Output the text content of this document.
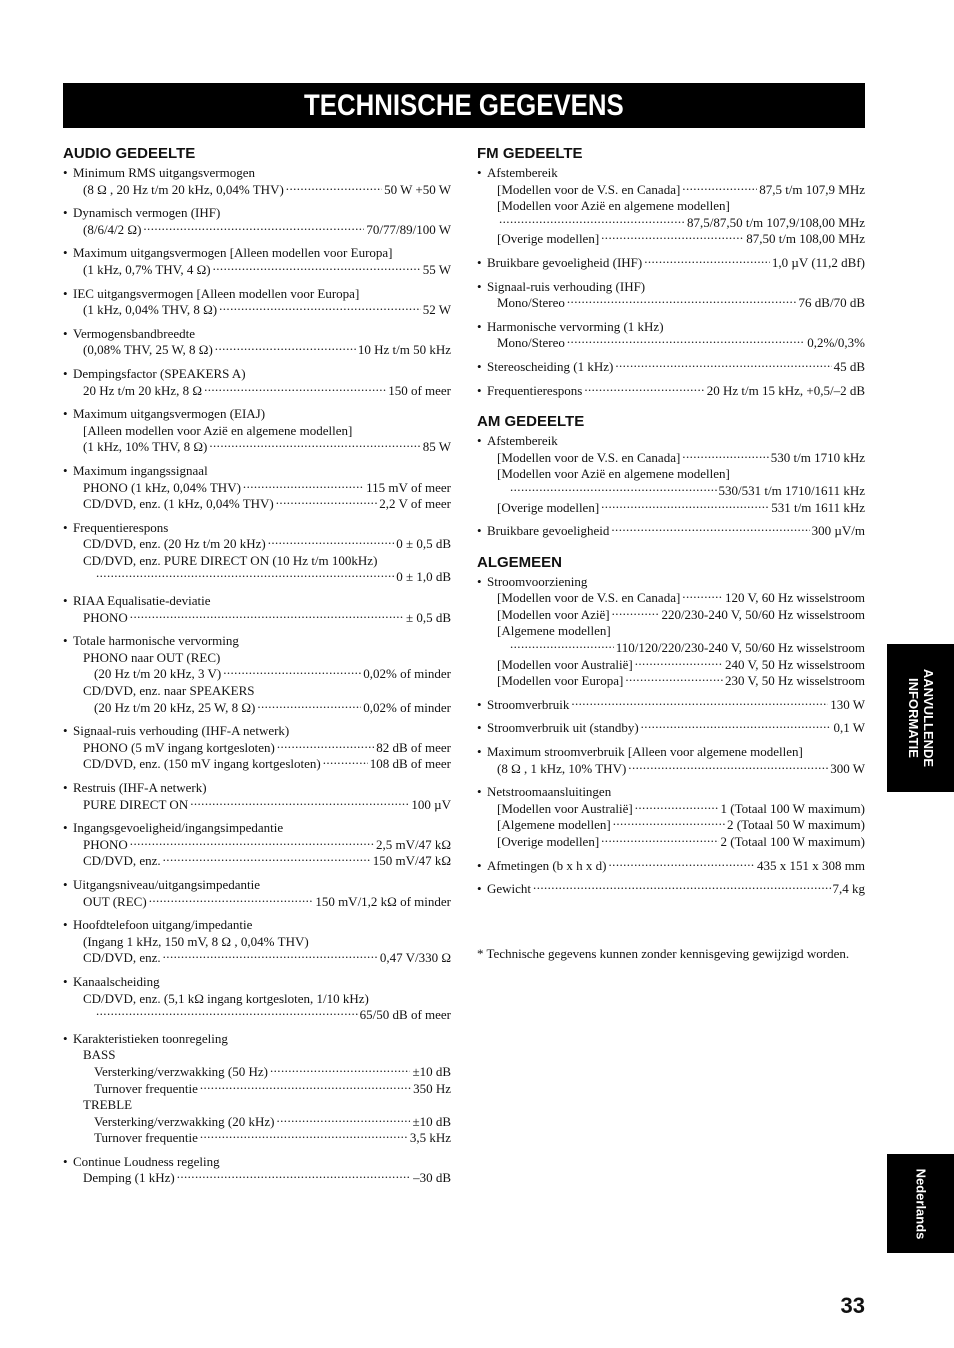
TECHNISCHE GEGEVENS
AUDIO GEDEELTE
• Minimum RMS uitgangsvermogen
(8 Ω , 20 Hz t/m 20 kHz, 0,04% THV) .....	50 W +50 W
• Dynamisch vermogen (IHF)
(8/6/4/2 Ω) .....	70/77/89/100 W
• Maximum uitgangsvermogen [Alleen modellen voor Europa]
(1 kHz, 0,7% THV, 4 Ω) .....	55 W
• IEC uitgangsvermogen [Alleen modellen voor Europa]
(1 kHz, 0,04% THV, 8 Ω) .....	52 W
• Vermogensbandbreedte
(0,08% THV, 25 W, 8 Ω) .....	10 Hz t/m 50 kHz
• Dempingsfactor (SPEAKERS A)
20 Hz t/m 20 kHz, 8 Ω .....	150 of meer
• Maximum uitgangsvermogen (EIAJ)
[Alleen modellen voor Azië en algemene modellen]
(1 kHz, 10% THV, 8 Ω) .....	85 W
• Maximum ingangssignaal
PHONO (1 kHz, 0,04% THV) .....	115 mV of meer
CD/DVD, enz. (1 kHz, 0,04% THV) .....	2,2 V of meer
• Frequentierespons
CD/DVD, enz. (20 Hz t/m 20 kHz) .....	0 ± 0,5 dB
CD/DVD, enz. PURE DIRECT ON (10 Hz t/m 100kHz)
.....
0 ± 1,0 dB
• RIAA Equalisatie-deviatie
PHONO .....	± 0,5 dB
• Totale harmonische vervorming
PHONO naar OUT (REC)
(20 Hz t/m 20 kHz, 3 V) .....	0,02% of minder
CD/DVD, enz. naar SPEAKERS
(20 Hz t/m 20 kHz, 25 W, 8 Ω) .....	0,02% of minder
• Signaal-ruis verhouding (IHF-A netwerk)
PHONO (5 mV ingang kortgesloten) .....	82 dB of meer
CD/DVD, enz. (150 mV ingang kortgesloten) .....	108 dB of meer
• Restruis (IHF-A netwerk)
PURE DIRECT ON .....	100 µV
• Ingangsgevoeligheid/ingangsimpedantie
PHONO .....	2,5 mV/47 kΩ
CD/DVD, enz. .....	150 mV/47 kΩ
• Uitgangsniveau/uitgangsimpedantie
OUT (REC) .....	150 mV/1,2 kΩ of minder
• Hoofdtelefoon uitgang/impedantie
(Ingang 1 kHz, 150 mV, 8 Ω , 0,04% THV)
CD/DVD, enz. .....	0,47 V/330 Ω
• Kanaalscheiding
CD/DVD, enz. (5,1 kΩ ingang kortgesloten, 1/10 kHz)
.....
65/50 dB of meer
• Karakteristieken toonregeling
BASS
Versterking/verzwakking (50 Hz) .....	±10 dB
Turnover frequentie .....	350 Hz
TREBLE
Versterking/verzwakking (20 kHz) .....	±10 dB
Turnover frequentie .....	3,5 kHz
• Continue Loudness regeling
Demping (1 kHz) .....	–30 dB
FM GEDEELTE
• Afstembereik
[Modellen voor de V.S. en Canada] .....	87,5 t/m 107,9 MHz
[Modellen voor Azië en algemene modellen]
.....
87,5/87,50 t/m 107,9/108,00 MHz
[Overige modellen] .....	87,50 t/m 108,00 MHz
• Bruikbare gevoeligheid (IHF) .....	1,0 µV (11,2 dBf)
• Signaal-ruis verhouding (IHF)
Mono/Stereo .....	76 dB/70 dB
• Harmonische vervorming (1 kHz)
Mono/Stereo .....	0,2%/0,3%
• Stereoscheiding (1 kHz) .....	45 dB
• Frequentierespons .....	20 Hz t/m 15 kHz, +0,5/–2 dB
AM GEDEELTE
• Afstembereik
[Modellen voor de V.S. en Canada] .....	530 t/m 1710 kHz
[Modellen voor Azië en algemene modellen]
.....
530/531 t/m 1710/1611 kHz
[Overige modellen] .....	531 t/m 1611 kHz
• Bruikbare gevoeligheid .....	300 µV/m
ALGEMEEN
• Stroomvoorziening
[Modellen voor de V.S. en Canada] .....	120 V, 60 Hz wisselstroom
[Modellen voor Azië] .....	220/230-240 V, 50/60 Hz wisselstroom
[Algemene modellen]
.....
110/120/220/230-240 V, 50/60 Hz wisselstroom
[Modellen voor Australië] .....	240 V, 50 Hz wisselstroom
[Modellen voor Europa] .....	230 V, 50 Hz wisselstroom
• Stroomverbruik .....	130 W
• Stroomverbruik uit (standby) .....	0,1 W
• Maximum stroomverbruik [Alleen voor algemene modellen]
(8 Ω , 1 kHz, 10% THV) .....	300 W
• Netstroomaansluitingen
[Modellen voor Australië] .....	1 (Totaal 100 W maximum)
[Algemene modellen] .....	2 (Totaal 50 W maximum)
[Overige modellen] .....	2 (Totaal 100 W maximum)
• Afmetingen (b x h x d) .....	435 x 151 x 308 mm
• Gewicht .....	7,4 kg
* Technische gegevens kunnen zonder kennisgeving gewijzigd worden.
AANVULLENDE
INFORMATIE
Nederlands
33
